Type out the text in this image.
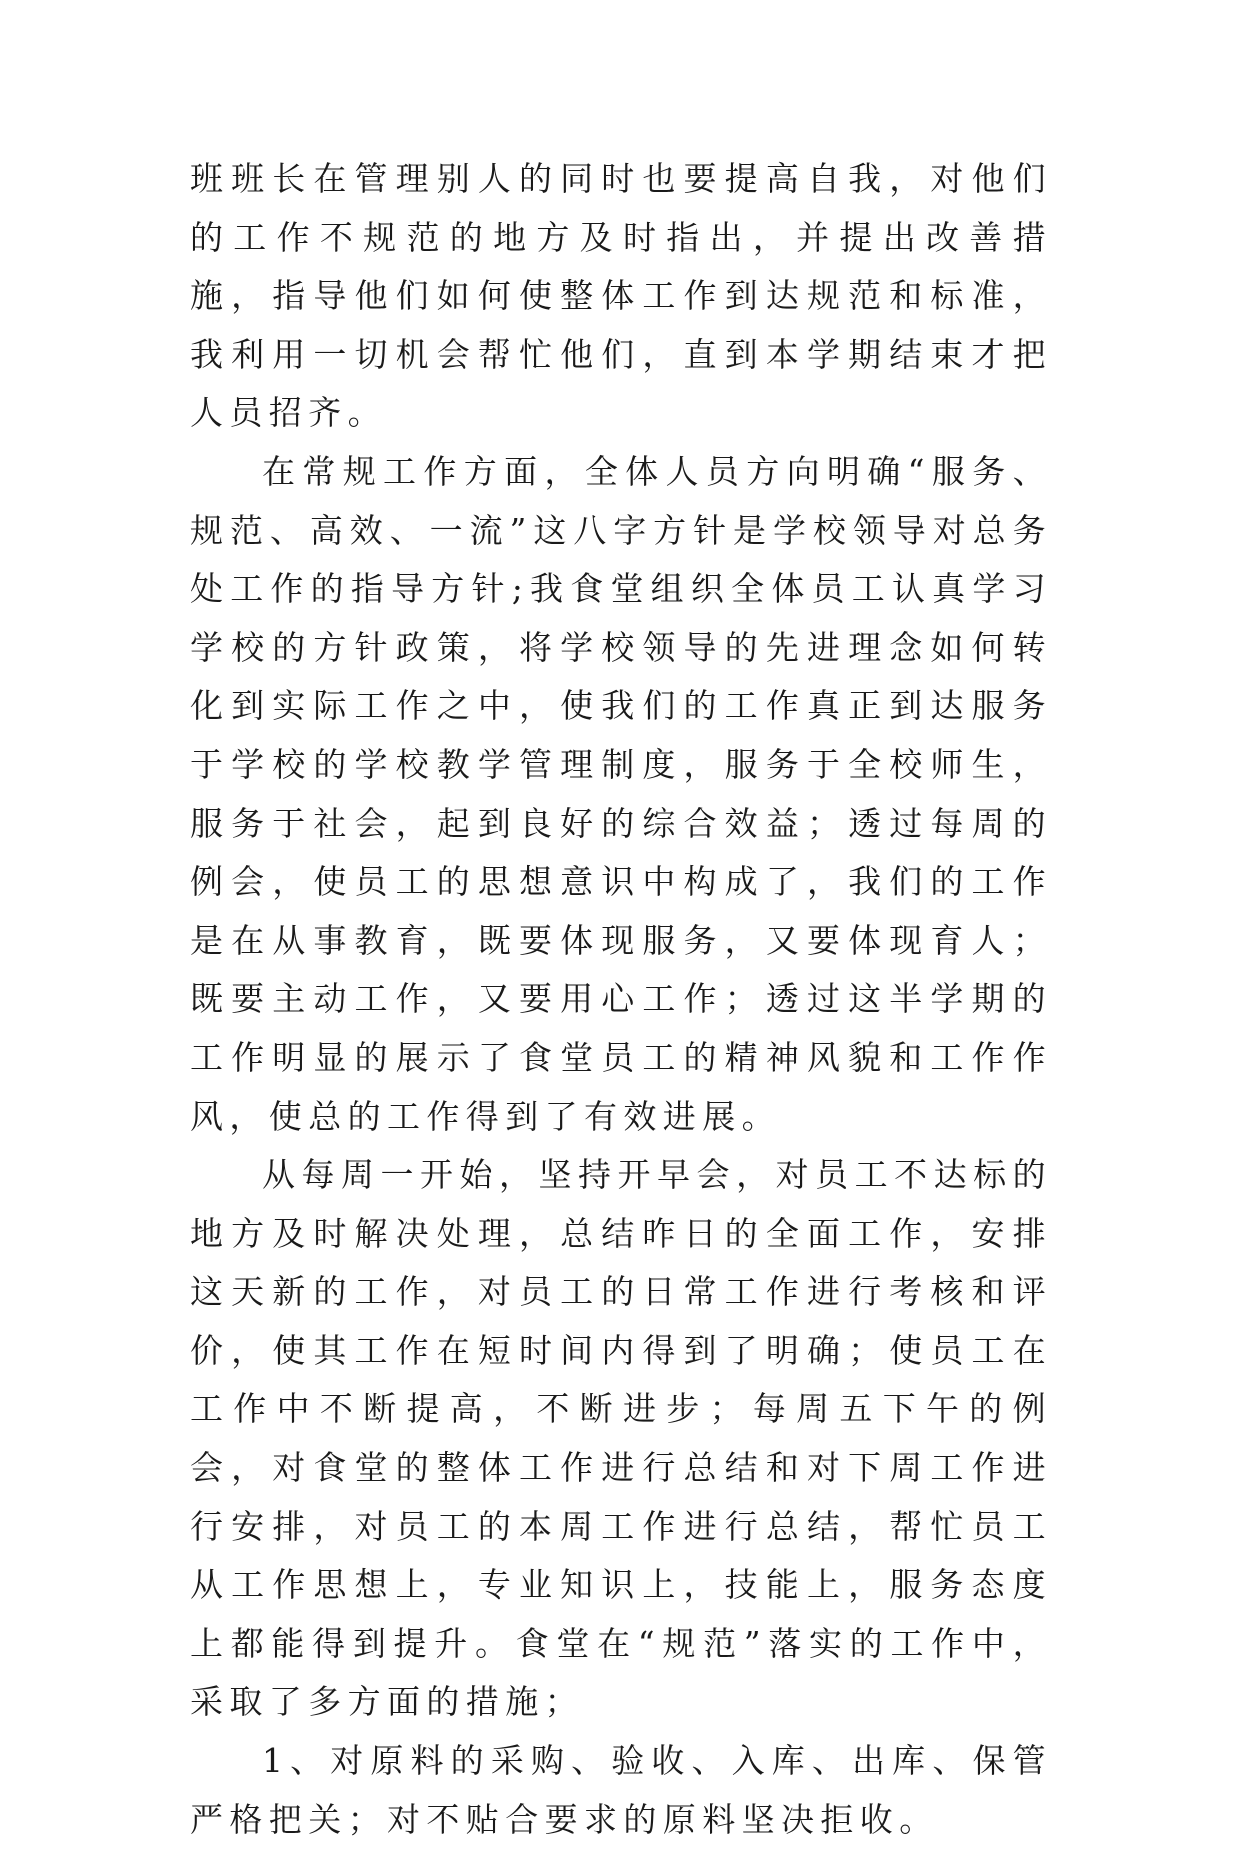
班班长在管理别人的同时也要提高自我，对他们的工作不规范的地方及时指出，并提出改善措施，指导他们如何使整体工作到达规范和标准，我利用一切机会帮忙他们，直到本学期结束才把人员招齐。

在常规工作方面，全体人员方向明确“服务、规范、高效、一流”这八字方针是学校领导对总务处工作的指导方针;我食堂组织全体员工认真学习学校的方针政策，将学校领导的先进理念如何转化到实际工作之中，使我们的工作真正到达服务于学校的学校教学管理制度，服务于全校师生，服务于社会，起到良好的综合效益；透过每周的例会，使员工的思想意识中构成了，我们的工作是在从事教育，既要体现服务，又要体现育人；既要主动工作，又要用心工作；透过这半学期的工作明显的展示了食堂员工的精神风貌和工作作风，使总的工作得到了有效进展。

从每周一开始，坚持开早会，对员工不达标的地方及时解决处理，总结昨日的全面工作，安排这天新的工作，对员工的日常工作进行考核和评价，使其工作在短时间内得到了明确；使员工在工作中不断提高，不断进步；每周五下午的例会，对食堂的整体工作进行总结和对下周工作进行安排，对员工的本周工作进行总结，帮忙员工从工作思想上，专业知识上，技能上，服务态度上都能得到提升。食堂在“规范”落实的工作中，采取了多方面的措施；

1、对原料的采购、验收、入库、出库、保管严格把关；对不贴合要求的原料坚决拒收。
